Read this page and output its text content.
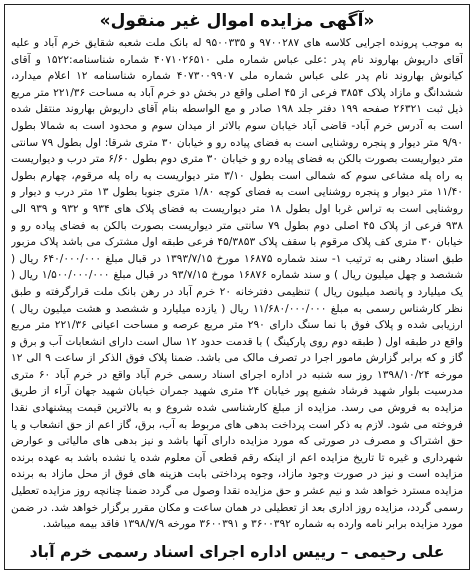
«آگهی مزایده اموال غیر منقول»

به موجب پرونده اجرایی کلاسه های ۹۷۰۰۲۸۷ و ۹۵۰۰۳۳۵ له بانک ملت شعبه شقایق خرم آباد و علیه آقای داریوش بهاروند نام پدر :علی عباس شماره ملی ۴۰۷۱۰۲۶۵۱۰ شماره شناسنامه:۱۵۲۲ و آقای کیانوش بهاروند نام پدر علی عباس شماره ملی ۴۰۷۳۰۰۹۹۰۷ شماره شناسنامه ۱۲ اعلام میدارد، ششدانگ و مازاد پلاک ۳۸۵۴ فرعی از ۴۵ اصلی واقع در بخش دو خرم آباد به مساحت ۲۲۱/۳۶ متر مربع ذیل ثبت ۲۶۳۲۱ صفحه ۱۹۹ دفتر جلد ۱۹۸ صادر و مع الواسطه بنام آقای داریوش بهاروند منتقل شده است به آدرس خرم آباد- قاضی آباد خیابان سوم بالاتر از میدان سوم و محدود است به شمالا بطول ۹/۹۰ متر دیوار و پنجره روشنایی است به فضای پیاده رو و خیابان ۳۰ متری شرقا: اول بطول ۷۹ سانتی متر دیواریست بصورت بالکن به فضای پیاده رو و خیابان ۳۰ متری دوم بطول ۶/۶۰ متر درب و دیواریست به راه پله مشاعی سوم که شمالی است بطول ۳/۱۰ متر دیواریست به راه پله مرقوم، چهارم بطول ۱۱/۴۰ متر دیوار و پنجره روشنایی است به فضای کوچه ۱/۸۰ متری جنوبا بطول ۱۳ متر درب و دیوار و روشنایی است به تراس غربا اول بطول ۱۸ متر دیواریست به فضای پلاک های ۹۳۴ و ۹۳۲ و ۹۳۹ الی ۹۳۸ فرعی از پلاک ۴۵ اصلی دوم بطول ۷۹ سانتی متر دیواریست بصورت بالکن به فضای پیاده رو و خیابان ۳۰ متری کف پلاک مرقوم با سقف پلاک ۴۵/۳۸۵۳ فرعی طبقه اول مشترک می باشد پلاک مزبور طبق اسناد رهنی به ترتیب ۱- سند شماره ۱۶۸۷۵ مورخ ۱۳۹۳/۷/۱۵ در قبال مبلغ ۶۴۰/۰۰۰/۰۰۰ ریال ( ششصد و چهل میلیون ریال ) و سند شماره ۱۶۸۷۶ مورخ ۹۳/۷/۱۵ در قبال مبلغ ۱/۵۰۰/۰۰۰/۰۰۰ ریال ( یک میلیارد و پانصد میلیون ریال ) تنظیمی دفترخانه ۲۰ خرم آباد در رهن بانک ملت قرارگرفته و طبق نظر کارشناس رسمی به مبلغ ۱۱/۶۸۰/۰۰۰/۰۰۰ ریال ( یازده میلیارد و ششصد و هشت میلیون ریال ) ارزیابی شده و پلاک فوق با نما سنگ دارای ۲۹۰ متر مربع عرصه و مساحت اعیانی ۲۲۱/۳۶ متر مربع واقع در طبقه اول ( طبقه دوم روی پارکینگ ) با قدمت حدود ۱۲ سال است دارای انشعابات آب و برق و گاز و که برابر گزارش مامور اجرا در تصرف مالک می باشد. ضمنا پلاک فوق الذکر از ساعت ۹ الی ۱۲ مورخه ۱۳۹۸/۱۰/۲۴ روز سه شنبه در اداره اجرای اسناد رسمی خرم آباد واقع در خرم آباد ۶۰ متری مدرسیت بلوار شهید فرشاد شفیع پور خیابان ۲۴ متری شهید جمران خیابان شهید جهان آراء از طریق مزایده به فروش می رسد. مزایده از مبلغ کارشناسی شده شروع و به بالاترین قیمت پیشنهادی نقدا فروخته می شود. لازم به ذکر است پرداخت بدهی های مربوط به آب، برق، گاز اعم از حق انشعاب و یا حق اشتراک و مصرف در صورتی که مورد مزایده دارای آنها باشد و نیز بدهی های مالیاتی و عوارض شهرداری و غیره تا تاریخ مزایده اعم از اینکه رقم قطعی آن معلوم شده یا نشده باشد به عهده برنده مزایده است و نیز در صورت وجود مازاد، وجوه پرداختی بابت هزینه های فوق از محل مازاد به برنده مزایده مسترد خواهد شد و نیم عشر و حق مزایده نقدا وصول می گردد ضمنا چنانچه روز مزایده تعطیل رسمی گردد، مزایده روز اداری بعد از تعطیلی در همان ساعت و مکان مقرر برگزار خواهد شد. در ضمن مورد مزایده برابر نامه وارده به شماره ۳۶۰۰۳۹۲ و ۳۶۰۰۳۹۱ مورخه ۱۳۹۸/۷/۹ فاقد بیمه میباشد.

علی رحیمی – رییس اداره اجرای اسناد رسمی خرم آباد
